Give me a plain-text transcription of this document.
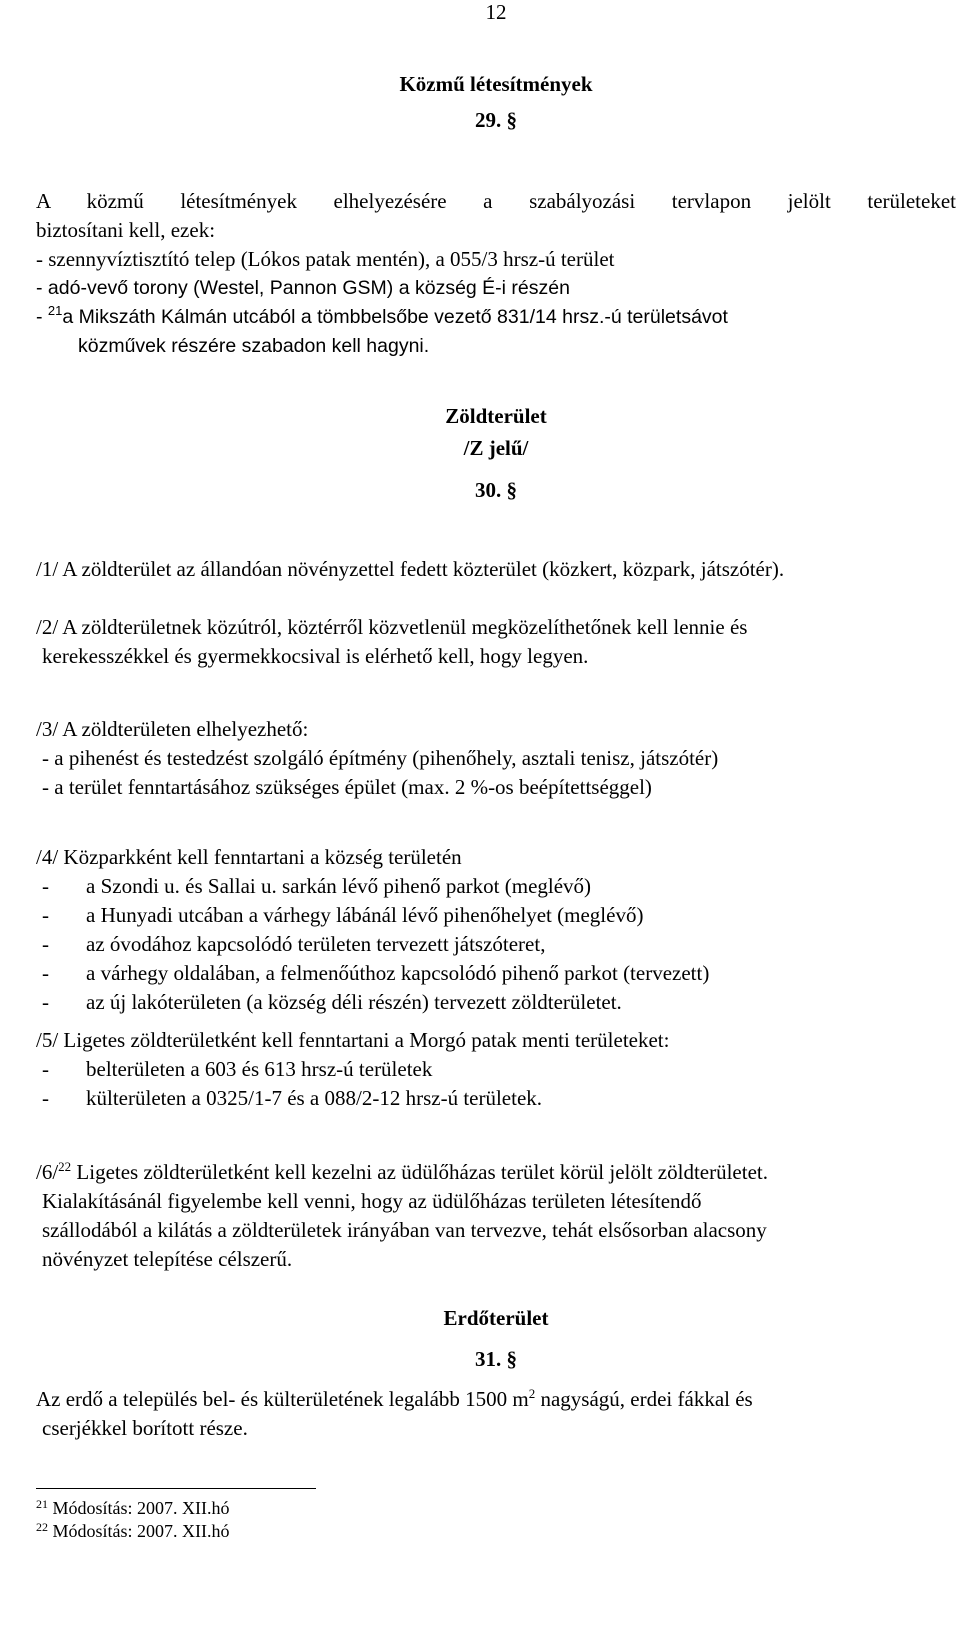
12
Közmű létesítmények
29. §
A közmű létesítmények elhelyezésére a szabályozási tervlapon jelölt területeket
biztosítani kell, ezek:
- szennyvíztisztító telep (Lókos patak mentén), a 055/3 hrsz-ú terület
- adó-vevő torony (Westel, Pannon GSM) a község É-i részén
- $^{21}$a Mikszáth Kálmán utcából a tömbbelsőbe vezető 831/14 hrsz.-ú területsávot
közművek részére szabadon kell hagyni.
Zöldterület
/Z jelű/
30. §
/1/ A zöldterület az állandóan növényzettel fedett közterület (közkert, közpark, játszótér).
/2/ A zöldterületnek közútról, köztérről közvetlenül megközelíthetőnek kell lennie és
kerekesszékkel és gyermekkocsival is elérhető kell, hogy legyen.
/3/ A zöldterületen elhelyezhető:
- a pihenést és testedzést szolgáló építmény (pihenőhely, asztali tenisz, játszótér)
- a terület fenntartásához szükséges épület (max. 2 %-os beépítettséggel)
/4/ Közparkként kell fenntartani a község területén
- a Szondi u. és Sallai u. sarkán lévő pihenő parkot (meglévő)
- a Hunyadi utcában a várhegy lábánál lévő pihenőhelyet (meglévő)
- az óvodához kapcsolódó területen tervezett játszóteret,
- a várhegy oldalában, a felmenőúthoz kapcsolódó pihenő parkot (tervezett)
- az új lakóterületen (a község déli részén) tervezett zöldterületet.
/5/ Ligetes zöldterületként kell fenntartani a Morgó patak menti területeket:
- belterületen a 603 és 613 hrsz-ú területek
- külterületen a 0325/1-7 és a 088/2-12 hrsz-ú területek.
/6/$^{22}$ Ligetes zöldterületként kell kezelni az üdülőházas terület körül jelölt zöldterületet.
Kialakításánál figyelembe kell venni, hogy az üdülőházas területen létesítendő
szállodából a kilátás a zöldterületek irányában van tervezve, tehát elsősorban alacsony
növényzet telepítése célszerű.
Erdőterület
31. §
Az erdő a település bel- és külterületének legalább 1500 $m^2$ nagyságú, erdei fákkal és
cserjékkel borított része.
$^{21}$ Módosítás: 2007. XII.hó
$^{22}$ Módosítás: 2007. XII.hó
